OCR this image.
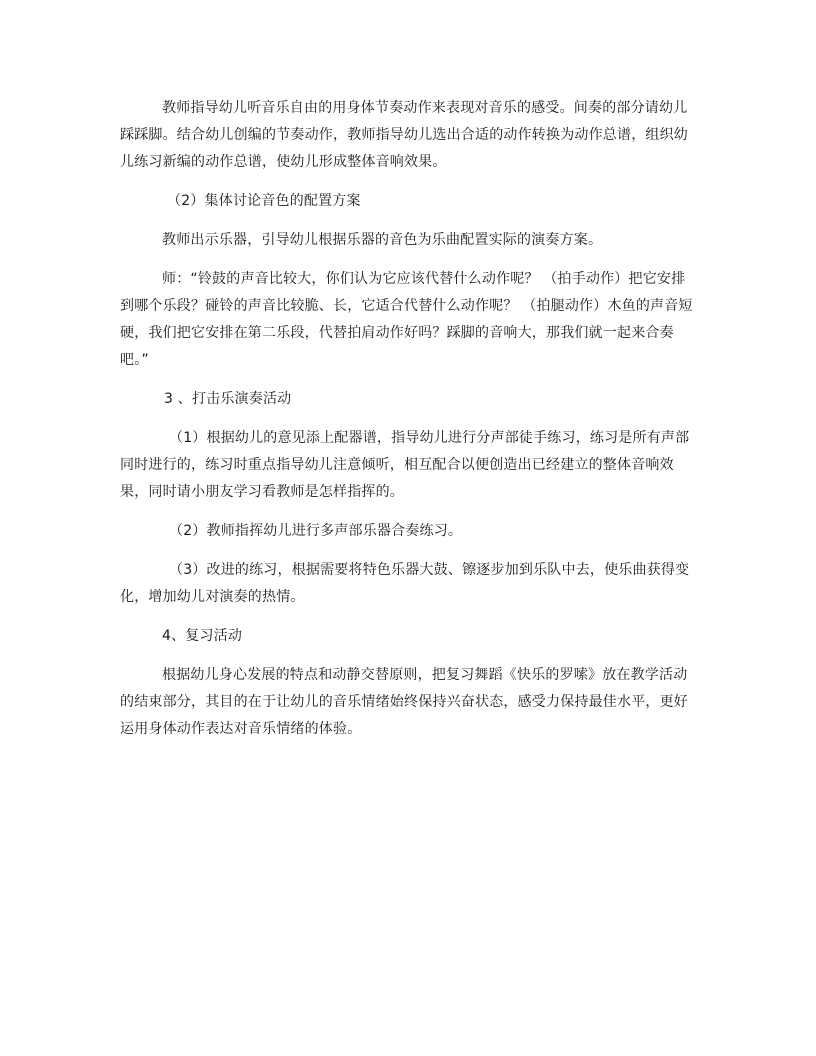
教师指导幼儿听音乐自由的用身体节奏动作来表现对音乐的感受。间奏的部分请幼儿踩踩脚。结合幼儿创编的节奏动作，教师指导幼儿选出合适的动作转换为动作总谱，组织幼儿练习新编的动作总谱，使幼儿形成整体音响效果。

（2）集体讨论音色的配置方案

教师出示乐器，引导幼儿根据乐器的音色为乐曲配置实际的演奏方案。

师：“铃鼓的声音比较大，你们认为它应该代替什么动作呢？ （拍手动作）把它安排到哪个乐段？碰铃的声音比较脆、长，它适合代替什么动作呢？ （拍腿动作）木鱼的声音短硬，我们把它安排在第二乐段，代替拍肩动作好吗？踩脚的音响大，那我们就一起来合奏吧。”

3 、打击乐演奏活动

（1）根据幼儿的意见添上配器谱，指导幼儿进行分声部徒手练习，练习是所有声部同时进行的，练习时重点指导幼儿注意倾听，相互配合以便创造出已经建立的整体音响效果，同时请小朋友学习看教师是怎样指挥的。

（2）教师指挥幼儿进行多声部乐器合奏练习。

（3）改进的练习，根据需要将特色乐器大鼓、镲逐步加到乐队中去，使乐曲获得变化，增加幼儿对演奏的热情。

4、复习活动

根据幼儿身心发展的特点和动静交替原则，把复习舞蹈《快乐的罗嗦》放在教学活动的结束部分，其目的在于让幼儿的音乐情绪始终保持兴奋状态，感受力保持最佳水平，更好运用身体动作表达对音乐情绪的体验。
